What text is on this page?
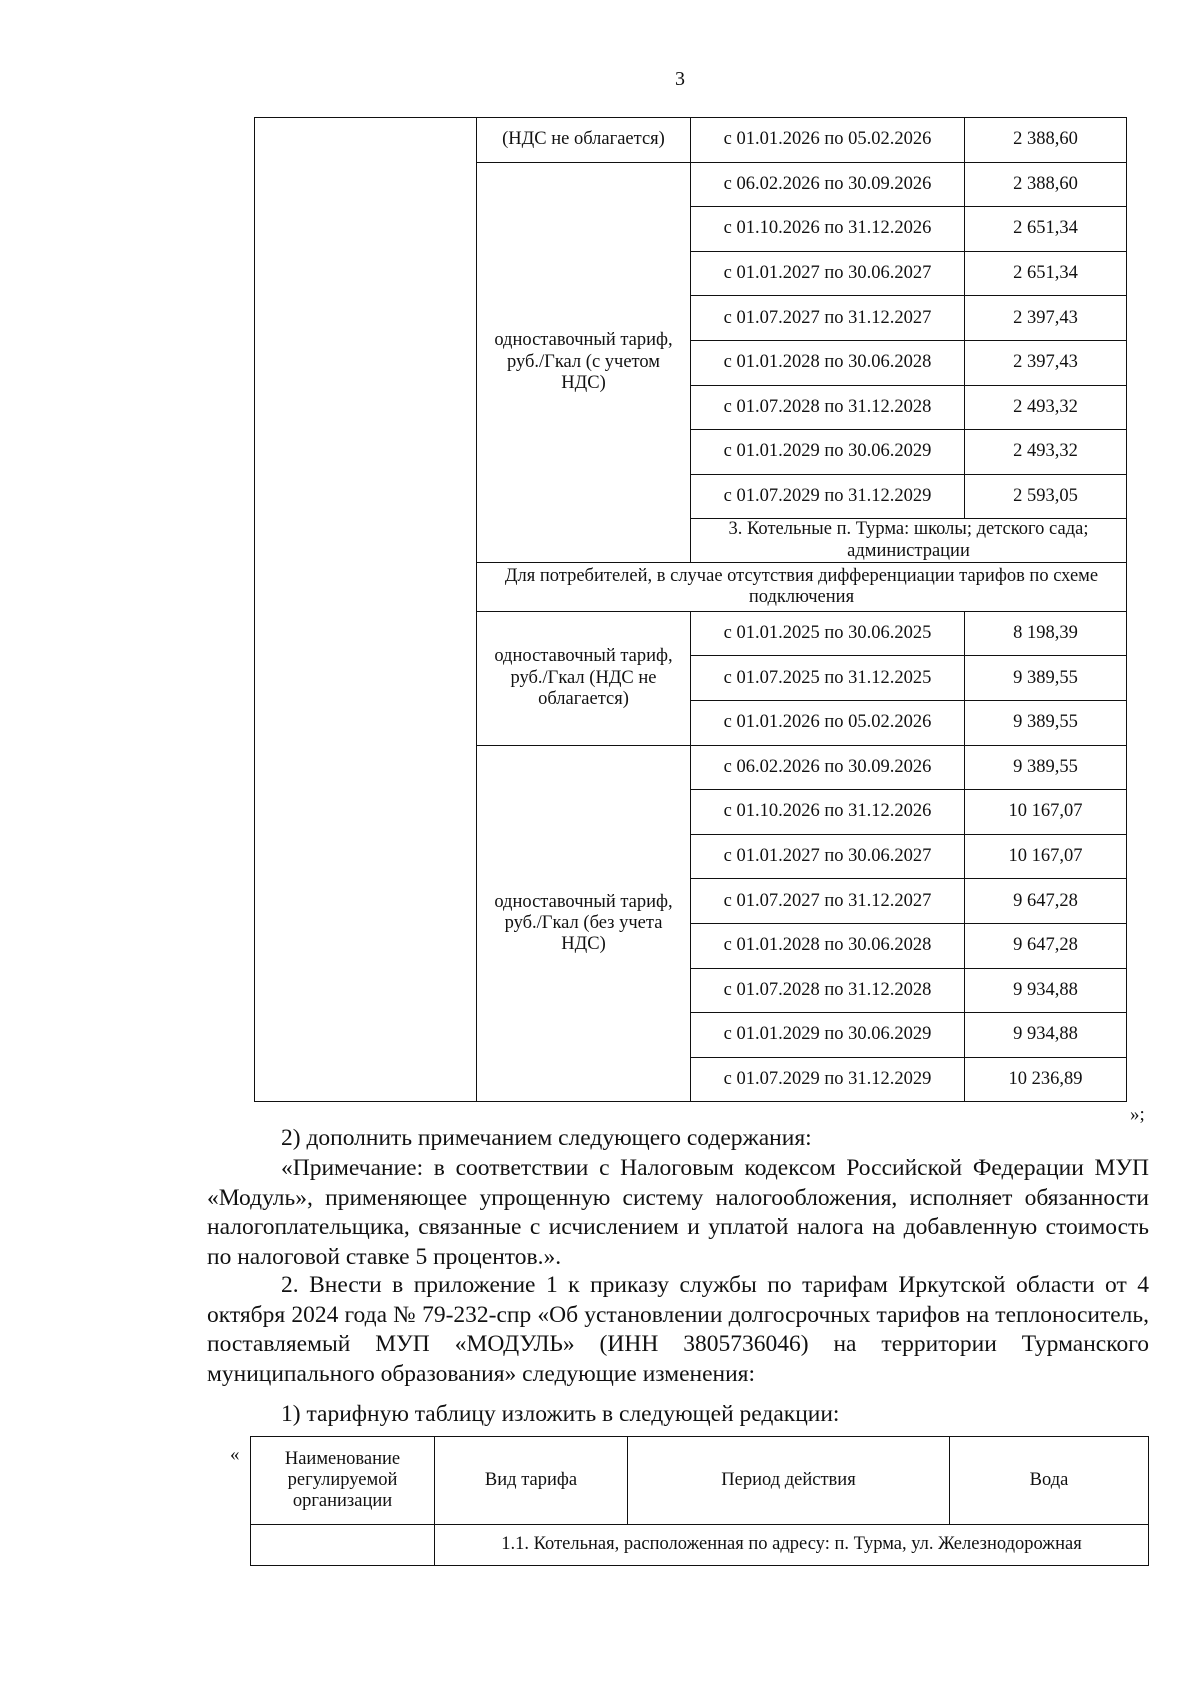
3
	(НДС не облагается)	с 01.01.2026 по 05.02.2026	2 388,60
	одноставочный тариф, руб./Гкал (с учетом НДС)	с 06.02.2026 по 30.09.2026	2 388,60
		с 01.10.2026 по 31.12.2026	2 651,34
		с 01.01.2027 по 30.06.2027	2 651,34
		с 01.07.2027 по 31.12.2027	2 397,43
		с 01.01.2028 по 30.06.2028	2 397,43
		с 01.07.2028 по 31.12.2028	2 493,32
		с 01.01.2029 по 30.06.2029	2 493,32
		с 01.07.2029 по 31.12.2029	2 593,05
		3. Котельные п. Турма: школы; детского сада; администрации	
	Для потребителей, в случае отсутствия дифференциации тарифов по схеме подключения		
	одноставочный тариф, руб./Гкал (НДС не облагается)	с 01.01.2025 по 30.06.2025	8 198,39
		с 01.07.2025 по 31.12.2025	9 389,55
		с 01.01.2026 по 05.02.2026	9 389,55
	одноставочный тариф, руб./Гкал (без учета НДС)	с 06.02.2026 по 30.09.2026	9 389,55
		с 01.10.2026 по 31.12.2026	10 167,07
		с 01.01.2027 по 30.06.2027	10 167,07
		с 01.07.2027 по 31.12.2027	9 647,28
		с 01.01.2028 по 30.06.2028	9 647,28
		с 01.07.2028 по 31.12.2028	9 934,88
		с 01.01.2029 по 30.06.2029	9 934,88
		с 01.07.2029 по 31.12.2029	10 236,89
»;
2) дополнить примечанием следующего содержания:
«Примечание: в соответствии с Налоговым кодексом Российской Федерации МУП «Модуль», применяющее упрощенную систему налогообложения, исполняет обязанности налогоплательщика, связанные с исчислением и уплатой налога на добавленную стоимость по налоговой ставке 5 процентов.».
2. Внести в приложение 1 к приказу службы по тарифам Иркутской области от 4 октября 2024 года № 79-232-спр «Об установлении долгосрочных тарифов на теплоноситель, поставляемый МУП «МОДУЛЬ» (ИНН 3805736046) на территории Турманского муниципального образования» следующие изменения:
1) тарифную таблицу изложить в следующей редакции:
« Наименование регулируемой организации	Вид тарифа	Период действия	Вода
	1.1. Котельная, расположенная по адресу: п. Турма, ул. Железнодорожная		
